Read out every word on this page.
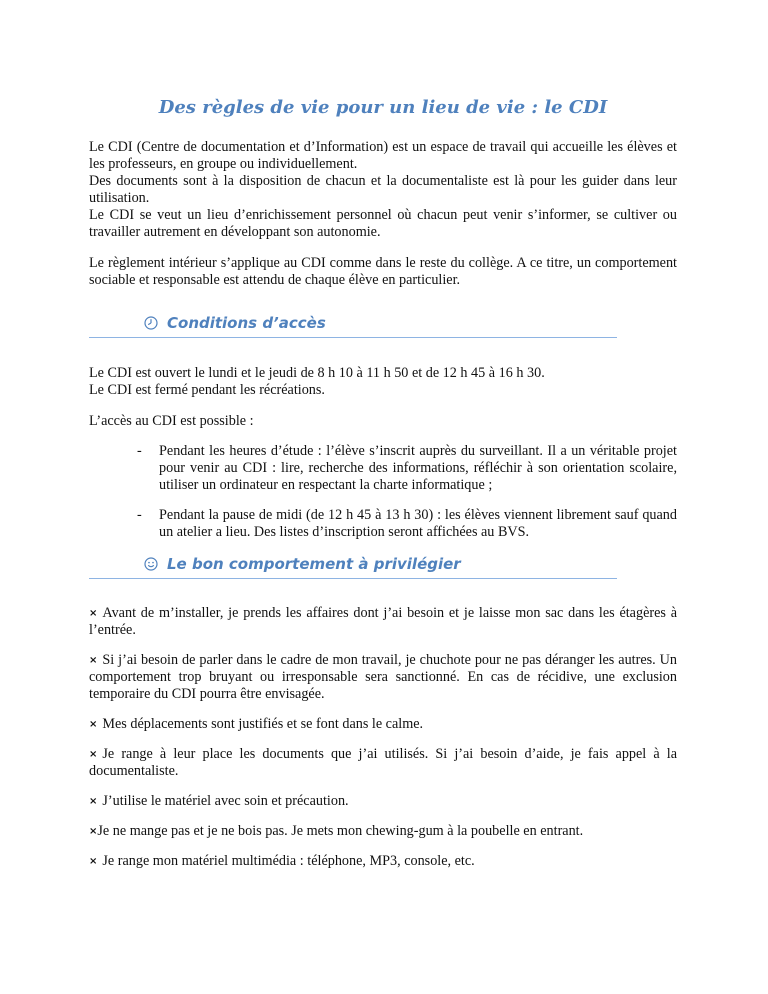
Des règles de vie pour un lieu de vie : le CDI

Le CDI (Centre de documentation et d’Information) est un espace de travail qui accueille les élèves et les professeurs, en groupe ou individuellement.

Des documents sont à la disposition de chacun et la documentaliste est là pour les guider dans leur utilisation.

Le CDI se veut un lieu d’enrichissement personnel où chacun peut venir s’informer, se cultiver ou travailler autrement en développant son autonomie.

Le règlement intérieur s’applique au CDI comme dans le reste du collège. A ce titre, un comportement sociable et responsable est attendu de chaque élève en particulier.

Conditions d’accès

Le CDI est ouvert le lundi et le jeudi de 8 h 10 à 11 h 50 et de 12 h 45 à 16 h 30.
Le CDI est fermé pendant les récréations.

L’accès au CDI est possible :

- Pendant les heures d’étude : l’élève s’inscrit auprès du surveillant. Il a un véritable projet pour venir au CDI : lire, recherche des informations, réfléchir à son orientation scolaire, utiliser un ordinateur en respectant la charte informatique ;
- Pendant la pause de midi (de 12 h 45 à 13 h 30) : les élèves viennent librement sauf quand un atelier a lieu. Des listes d’inscription seront affichées au BVS.
Le bon comportement à privilégier

× Avant de m’installer, je prends les affaires dont j’ai besoin et je laisse mon sac dans les étagères à l’entrée.

× Si j’ai besoin de parler dans le cadre de mon travail, je chuchote pour ne pas déranger les autres. Un comportement trop bruyant ou irresponsable sera sanctionné. En cas de récidive, une exclusion temporaire du CDI pourra être envisagée.

× Mes déplacements sont justifiés et se font dans le calme.

× Je range à leur place les documents que j’ai utilisés. Si j’ai besoin d’aide, je fais appel à la documentaliste.

× J’utilise le matériel avec soin et précaution.

×Je ne mange pas et je ne bois pas. Je mets mon chewing-gum à la poubelle en entrant.

× Je range mon matériel multimédia : téléphone, MP3, console, etc.
